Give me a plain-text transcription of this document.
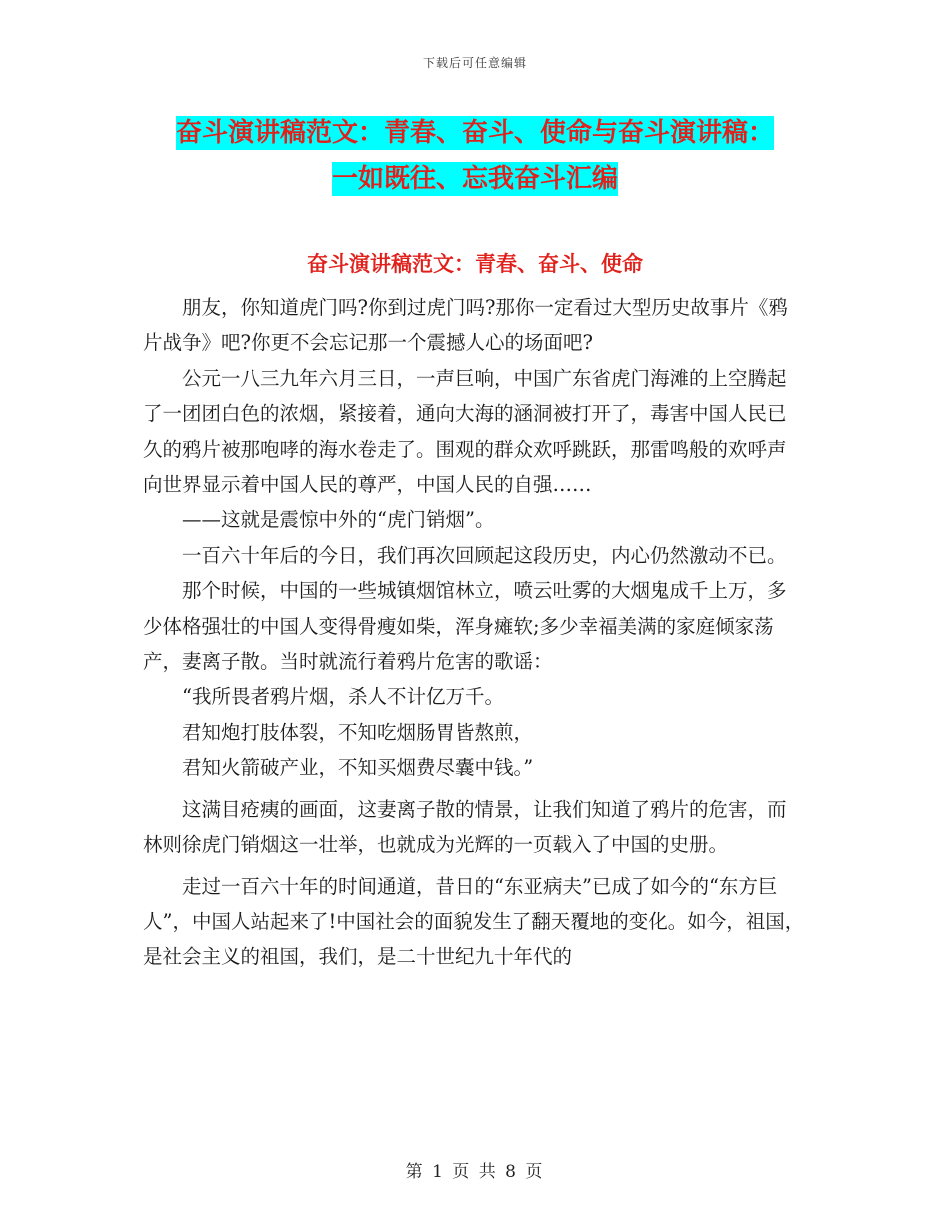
下载后可任意编辑
奋斗演讲稿范文：青春、奋斗、使命与奋斗演讲稿：
一如既往、忘我奋斗汇编
奋斗演讲稿范文：青春、奋斗、使命

朋友，你知道虎门吗?你到过虎门吗?那你一定看过大型历史故事片《鸦片战争》吧?你更不会忘记那一个震撼人心的场面吧?

公元一八三九年六月三日，一声巨响，中国广东省虎门海滩的上空腾起了一团团白色的浓烟，紧接着，通向大海的涵洞被打开了，毒害中国人民已久的鸦片被那咆哮的海水卷走了。围观的群众欢呼跳跃，那雷鸣般的欢呼声向世界显示着中国人民的尊严，中国人民的自强……

——这就是震惊中外的“虎门销烟”。

一百六十年后的今日，我们再次回顾起这段历史，内心仍然激动不已。

那个时候，中国的一些城镇烟馆林立，喷云吐雾的大烟鬼成千上万，多少体格强壮的中国人变得骨瘦如柴，浑身瘫软;多少幸福美满的家庭倾家荡产，妻离子散。当时就流行着鸦片危害的歌谣：

“我所畏者鸦片烟，杀人不计亿万千。

君知炮打肢体裂，不知吃烟肠胃皆熬煎，

君知火箭破产业，不知买烟费尽囊中钱。”

这满目疮痍的画面，这妻离子散的情景，让我们知道了鸦片的危害，而林则徐虎门销烟这一壮举，也就成为光辉的一页载入了中国的史册。

走过一百六十年的时间通道，昔日的“东亚病夫”已成了如今的“东方巨人”，中国人站起来了!中国社会的面貌发生了翻天覆地的变化。如今，祖国，是社会主义的祖国，我们，是二十世纪九十年代的

第 1 页 共 8 页
